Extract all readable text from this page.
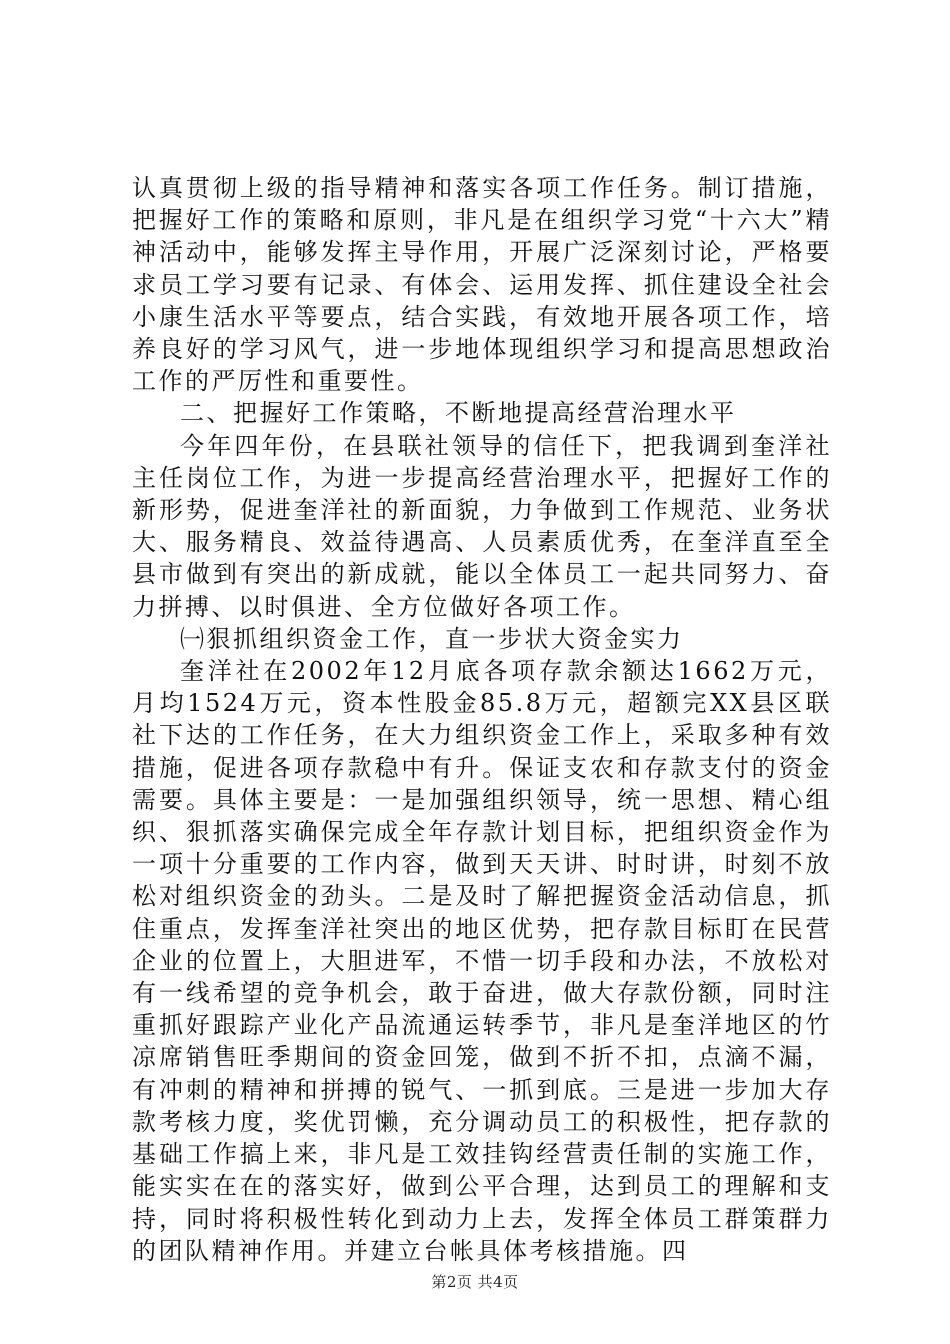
认真贯彻上级的指导精神和落实各项工作任务。制订措施，把握好工作的策略和原则，非凡是在组织学习党“十六大”精神活动中，能够发挥主导作用，开展广泛深刻讨论，严格要求员工学习要有记录、有体会、运用发挥、抓住建设全社会小康生活水平等要点，结合实践，有效地开展各项工作，培养良好的学习风气，进一步地体现组织学习和提高思想政治工作的严厉性和重要性。

二、把握好工作策略，不断地提高经营治理水平

今年四年份，在县联社领导的信任下，把我调到奎洋社主任岗位工作，为进一步提高经营治理水平，把握好工作的新形势，促进奎洋社的新面貌，力争做到工作规范、业务状大、服务精良、效益待遇高、人员素质优秀，在奎洋直至全县市做到有突出的新成就，能以全体员工一起共同努力、奋力拼搏、以时俱进、全方位做好各项工作。

㈠狠抓组织资金工作，直一步状大资金实力

奎洋社在2002年12月底各项存款余额达1662万元，月均1524万元，资本性股金85.8万元，超额完XX县区联社下达的工作任务，在大力组织资金工作上，采取多种有效措施，促进各项存款稳中有升。保证支农和存款支付的资金需要。具体主要是：一是加强组织领导，统一思想、精心组织、狠抓落实确保完成全年存款计划目标，把组织资金作为一项十分重要的工作内容，做到天天讲、时时讲，时刻不放松对组织资金的劲头。二是及时了解把握资金活动信息，抓住重点，发挥奎洋社突出的地区优势，把存款目标盯在民营企业的位置上，大胆进军，不惜一切手段和办法，不放松对有一线希望的竞争机会，敢于奋进，做大存款份额，同时注重抓好跟踪产业化产品流通运转季节，非凡是奎洋地区的竹凉席销售旺季期间的资金回笼，做到不折不扣，点滴不漏，有冲刺的精神和拼搏的锐气、一抓到底。三是进一步加大存款考核力度，奖优罚懒，充分调动员工的积极性，把存款的基础工作搞上来，非凡是工效挂钩经营责任制的实施工作，能实实在在的落实好，做到公平合理，达到员工的理解和支持，同时将积极性转化到动力上去，发挥全体员工群策群力的团队精神作用。并建立台帐具体考核措施。四

第2页 共4页
